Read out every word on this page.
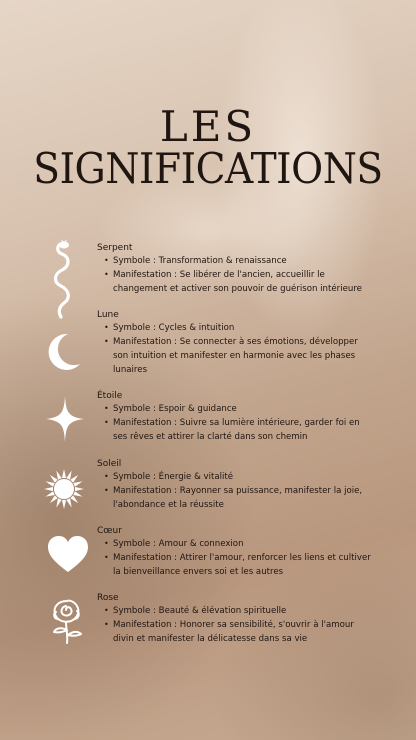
LES
SIGNIFICATIONS
Serpent
• Symbole : Transformation & renaissance
• Manifestation : Se libérer de l'ancien, accueillir le changement et activer son pouvoir de guérison intérieure
Lune
• Symbole : Cycles & intuition
• Manifestation : Se connecter à ses émotions, développer son intuition et manifester en harmonie avec les phases lunaires
Étoile
• Symbole : Espoir & guidance
• Manifestation : Suivre sa lumière intérieure, garder foi en ses rêves et attirer la clarté dans son chemin
Soleil
• Symbole : Énergie & vitalité
• Manifestation : Rayonner sa puissance, manifester la joie, l'abondance et la réussite
Cœur
• Symbole : Amour & connexion
• Manifestation : Attirer l'amour, renforcer les liens et cultiver la bienveillance envers soi et les autres
Rose
• Symbole : Beauté & élévation spirituelle
• Manifestation : Honorer sa sensibilité, s'ouvrir à l'amour divin et manifester la délicatesse dans sa vie
